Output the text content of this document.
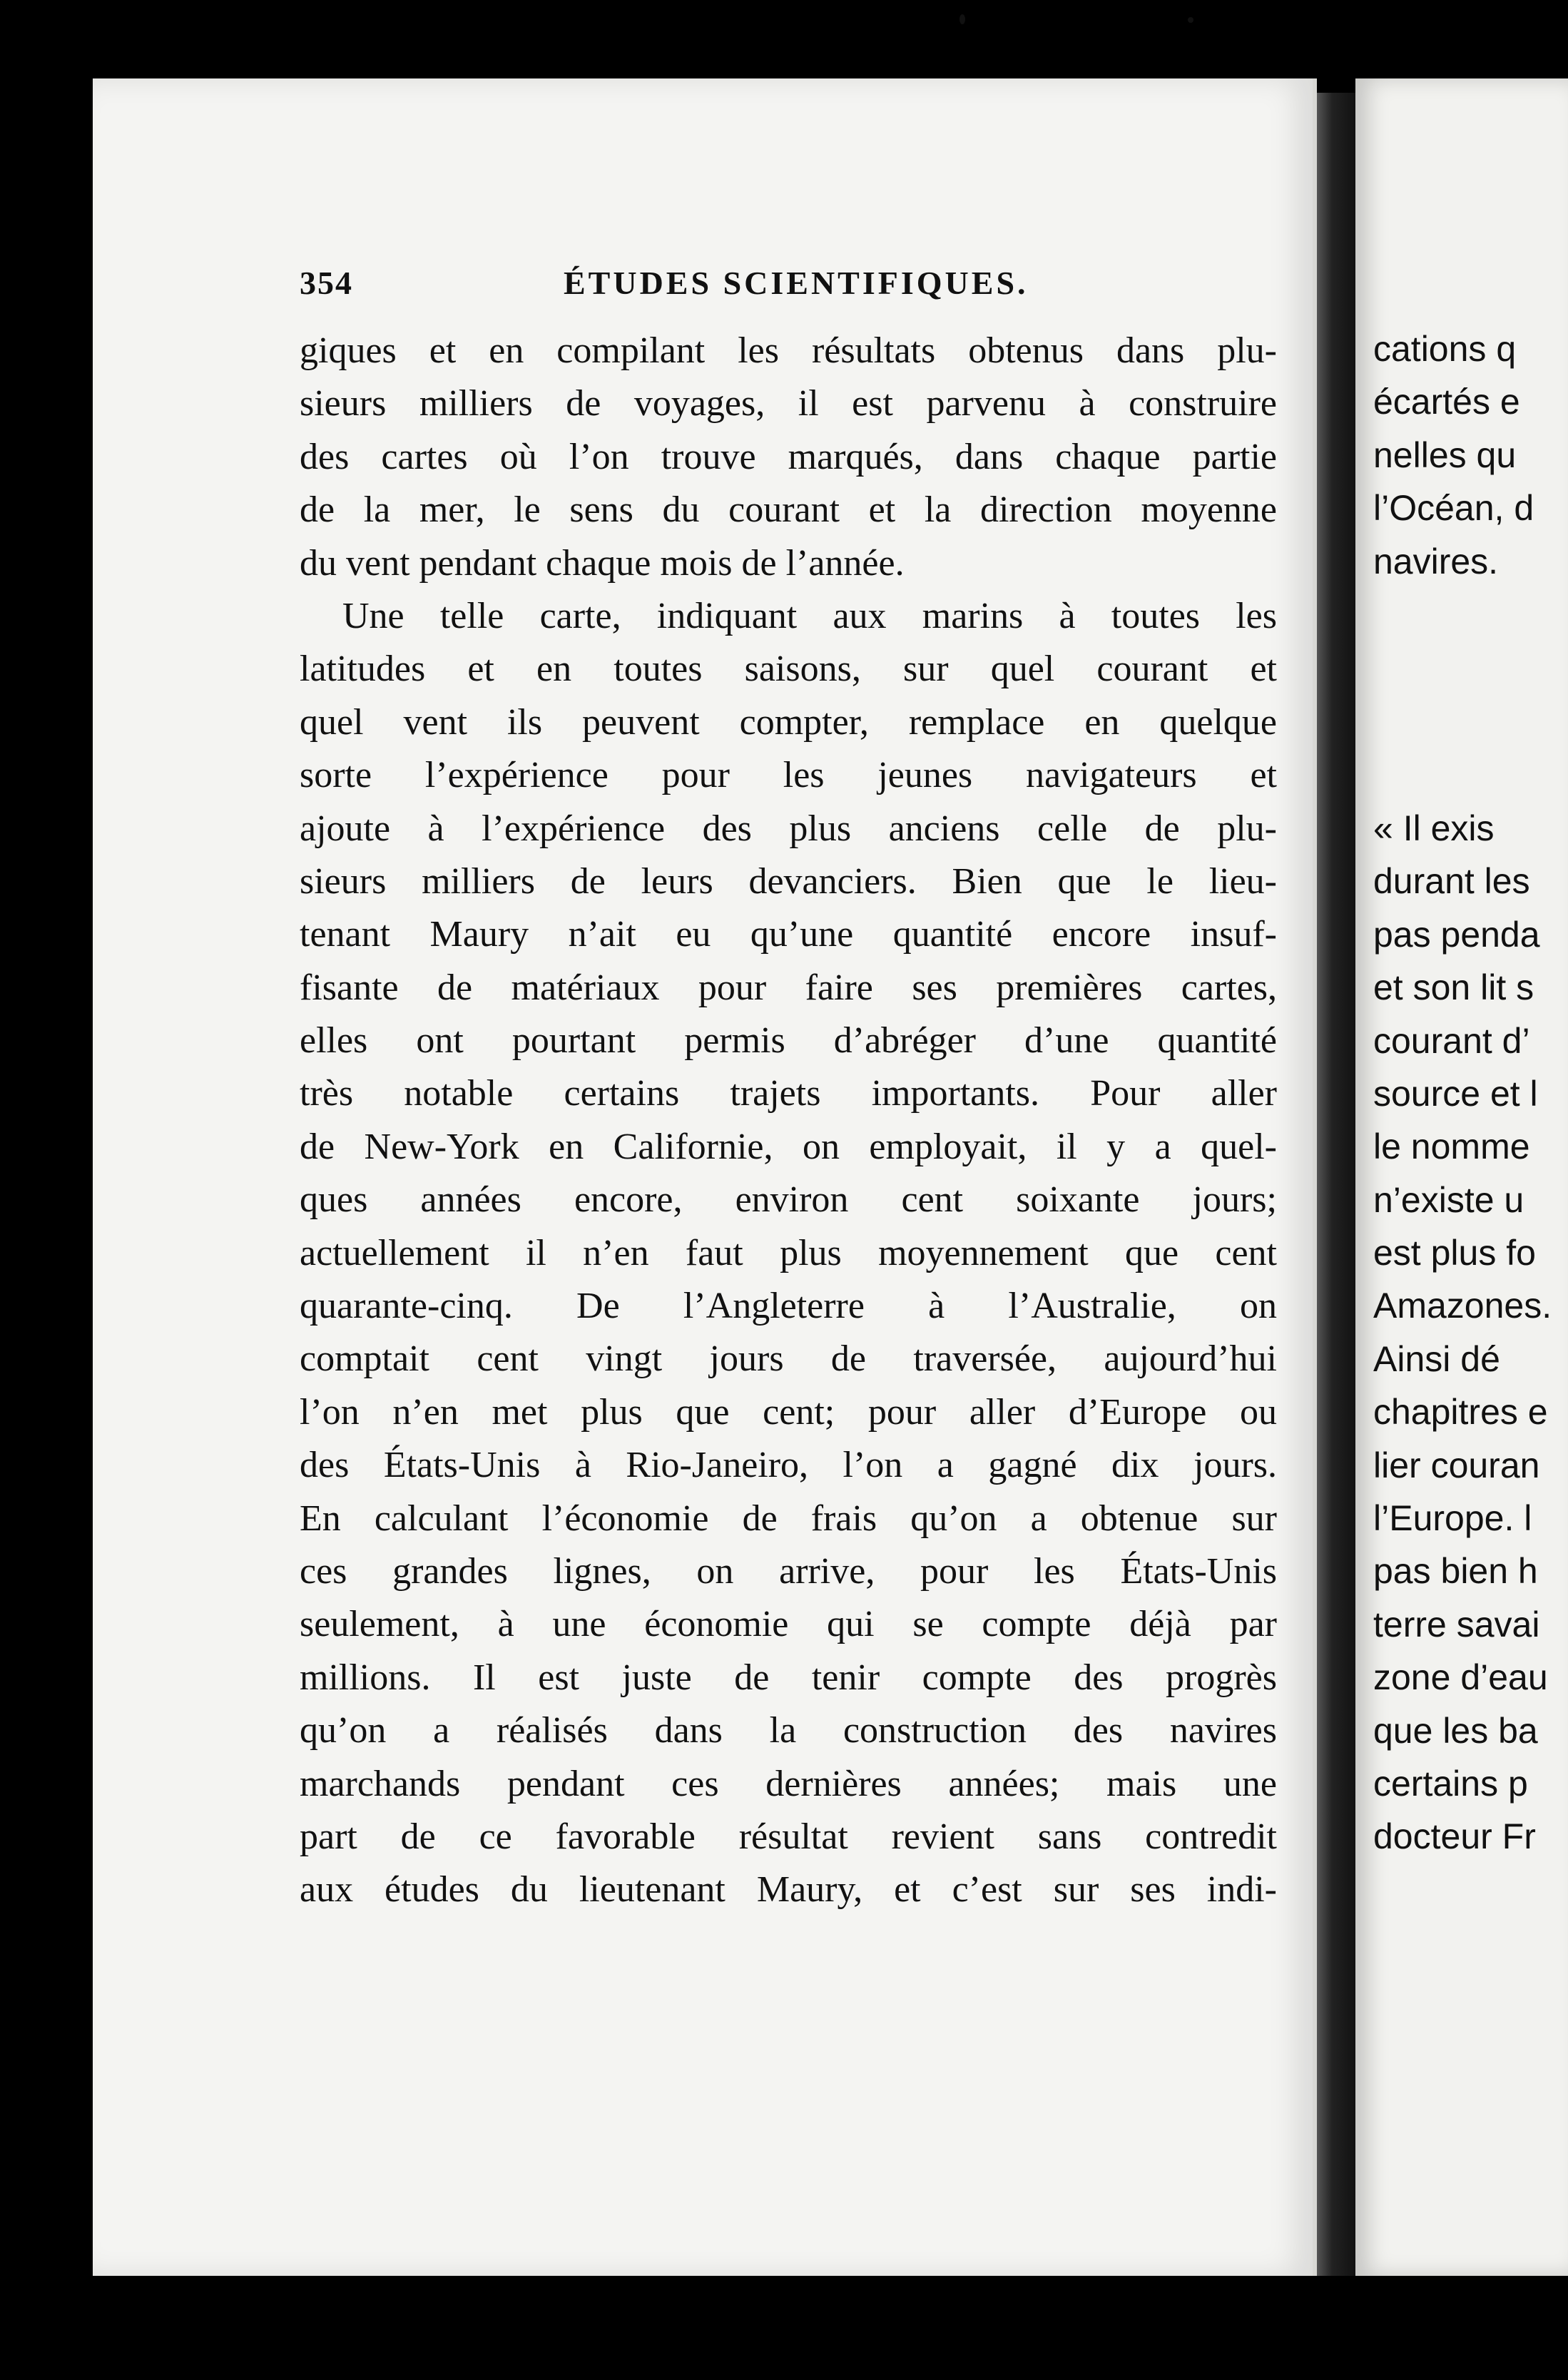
354	ÉTUDES SCIENTIFIQUES.
giques et en compilant les résultats obtenus dans plu-
sieurs milliers de voyages, il est parvenu à construire
des cartes où l’on trouve marqués, dans chaque partie
de la mer, le sens du courant et la direction moyenne
du vent pendant chaque mois de l’année.
Une telle carte, indiquant aux marins à toutes les
latitudes et en toutes saisons, sur quel courant et
quel vent ils peuvent compter, remplace en quelque
sorte l’expérience pour les jeunes navigateurs et
ajoute à l’expérience des plus anciens celle de plu-
sieurs milliers de leurs devanciers. Bien que le lieu-
tenant Maury n’ait eu qu’une quantité encore insuf-
fisante de matériaux pour faire ses premières cartes,
elles ont pourtant permis d’abréger d’une quantité
très notable certains trajets importants. Pour aller
de New-York en Californie, on employait, il y a quel-
ques années encore, environ cent soixante jours;
actuellement il n’en faut plus moyennement que cent
quarante-cinq. De l’Angleterre à l’Australie, on
comptait cent vingt jours de traversée, aujourd’hui
l’on n’en met plus que cent; pour aller d’Europe ou
des États-Unis à Rio-Janeiro, l’on a gagné dix jours.
En calculant l’économie de frais qu’on a obtenue sur
ces grandes lignes, on arrive, pour les États-Unis
seulement, à une économie qui se compte déjà par
millions. Il est juste de tenir compte des progrès
qu’on a réalisés dans la construction des navires
marchands pendant ces dernières années; mais une
part de ce favorable résultat revient sans contredit
aux études du lieutenant Maury, et c’est sur ses indi-
cations q
écartés e
nelles qu
l’Océan, d
navires.
« Il exis
durant les
pas penda
et son lit s
courant d’
source et l
le nomme
n’existe u
est plus fo
Amazones.
Ainsi dé
chapitres e
lier couran
l’Europe. l
pas bien h
terre savai
zone d’eau
que les ba
certains p
docteur Fr
